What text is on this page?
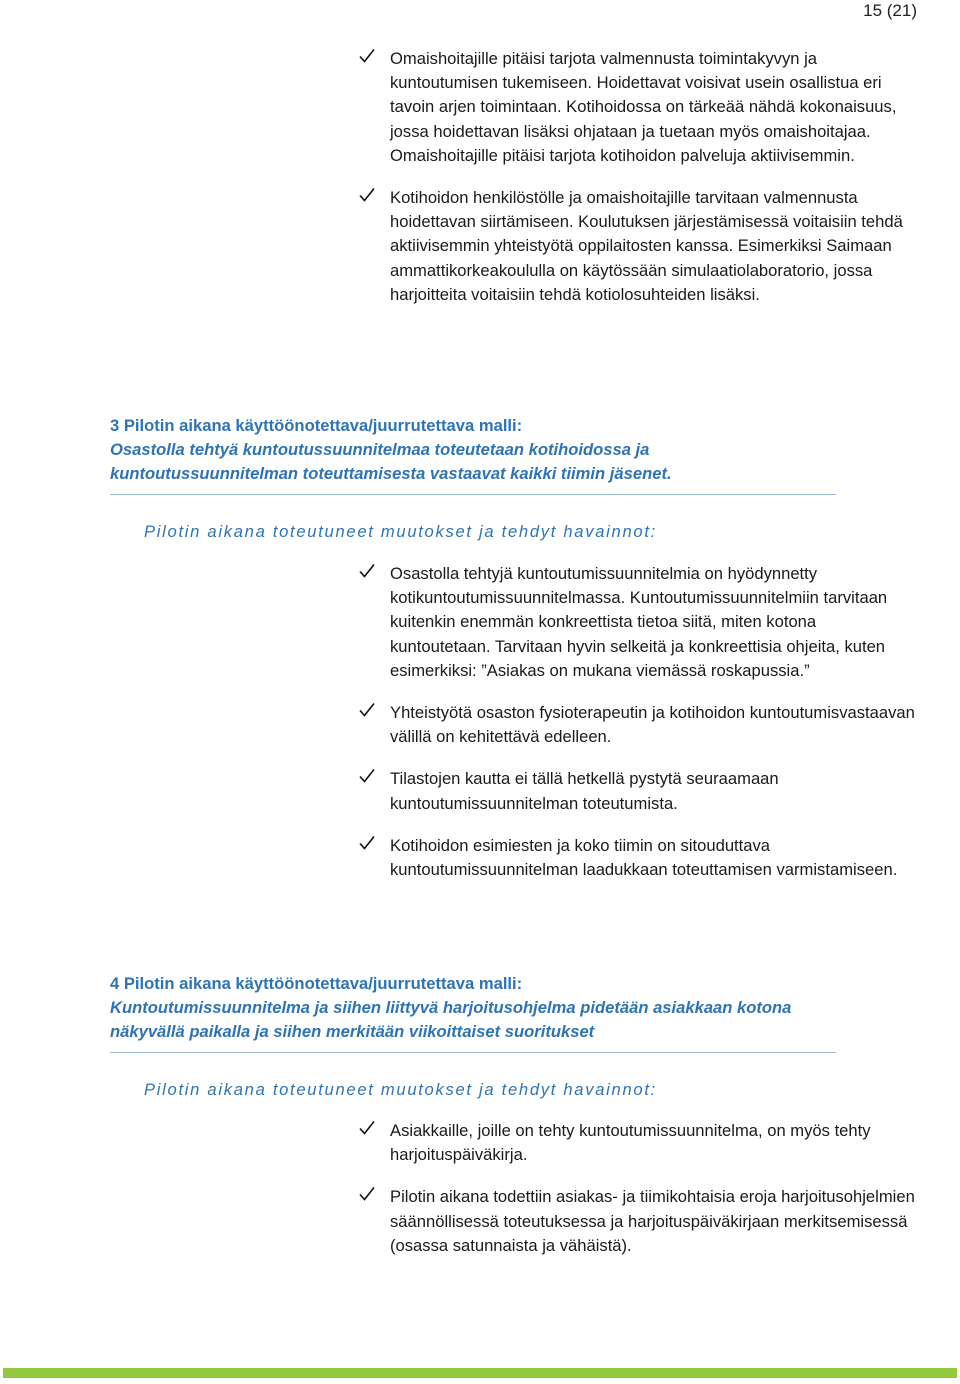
15 (21)

Omaishoitajille pitäisi tarjota valmennusta toimintakyvyn ja kuntoutumisen tukemiseen. Hoidettavat voisivat usein osallistua eri tavoin arjen toimintaan. Kotihoidossa on tärkeää nähdä kokonaisuus, jossa hoidettavan lisäksi ohjataan ja tuetaan myös omaishoitajaa. Omaishoitajille pitäisi tarjota kotihoidon palveluja aktiivisemmin.

Kotihoidon henkilöstölle ja omaishoitajille tarvitaan valmennusta hoidettavan siirtämiseen. Koulutuksen järjestämisessä voitaisiin tehdä aktiivisemmin yhteistyötä oppilaitosten kanssa. Esimerkiksi Saimaan ammattikorkeakoululla on käytössään simulaatiolaboratorio, jossa harjoitteita voitaisiin tehdä kotiolosuhteiden lisäksi.

3 Pilotin aikana käyttöönotettava/juurrutettava malli:
Osastolla tehtyä kuntoutussuunnitelmaa toteutetaan kotihoidossa ja kuntoutussuunnitelman toteuttamisesta vastaavat kaikki tiimin jäsenet.
Pilotin aikana toteutuneet muutokset ja tehdyt havainnot:

Osastolla tehtyjä kuntoutumissuunnitelmia on hyödynnetty kotikuntoutumissuunnitelmassa. Kuntoutumissuunnitelmiin tarvitaan kuitenkin enemmän konkreettista tietoa siitä, miten kotona kuntoutetaan. Tarvitaan hyvin selkeitä ja konkreettisia ohjeita, kuten esimerkiksi: ”Asiakas on mukana viemässä roskapussia.”

Yhteistyötä osaston fysioterapeutin ja kotihoidon kuntoutumisvastaavan välillä on kehitettävä edelleen.

Tilastojen kautta ei tällä hetkellä pystytä seuraamaan kuntoutumissuunnitelman toteutumista.

Kotihoidon esimiesten ja koko tiimin on sitouduttava kuntoutumissuunnitelman laadukkaan toteuttamisen varmistamiseen.

4 Pilotin aikana käyttöönotettava/juurrutettava malli:
Kuntoutumissuunnitelma ja siihen liittyvä harjoitusohjelma pidetään asiakkaan kotona näkyvällä paikalla ja siihen merkitään viikoittaiset suoritukset
Pilotin aikana toteutuneet muutokset ja tehdyt havainnot:

Asiakkaille, joille on tehty kuntoutumissuunnitelma, on myös tehty harjoituspäiväkirja.

Pilotin aikana todettiin asiakas- ja tiimikohtaisia eroja harjoitusohjelmien säännöllisessä toteutuksessa ja harjoituspäiväkirjaan merkitsemisessä (osassa satunnaista ja vähäistä).
